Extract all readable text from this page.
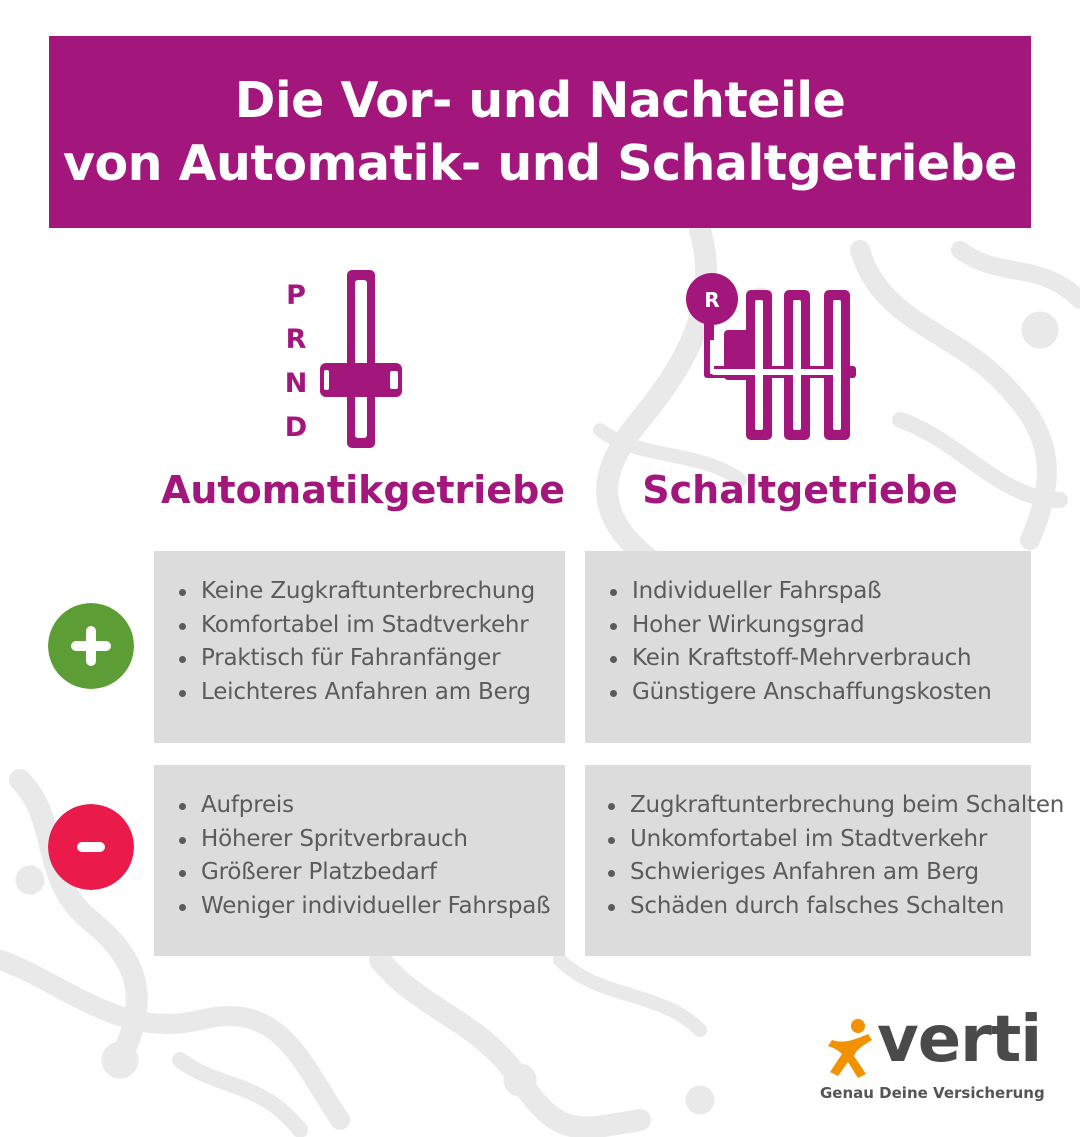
Die Vor- und Nachteile
von Automatik- und Schaltgetriebe
P
R
N
D
R
Automatikgetriebe	Schaltgetriebe
Keine Zugkraftunterbrechung
Komfortabel im Stadtverkehr
Praktisch für Fahranfänger
Leichteres Anfahren am Berg
Individueller Fahrspaß
Hoher Wirkungsgrad
Kein Kraftstoff-Mehrverbrauch
Günstigere Anschaffungskosten
Aufpreis
Höherer Spritverbrauch
Größerer Platzbedarf
Weniger individueller Fahrspaß
Zugkraftunterbrechung beim Schalten
Unkomfortabel im Stadtverkehr
Schwieriges Anfahren am Berg
Schäden durch falsches Schalten
verti
Genau Deine Versicherung
